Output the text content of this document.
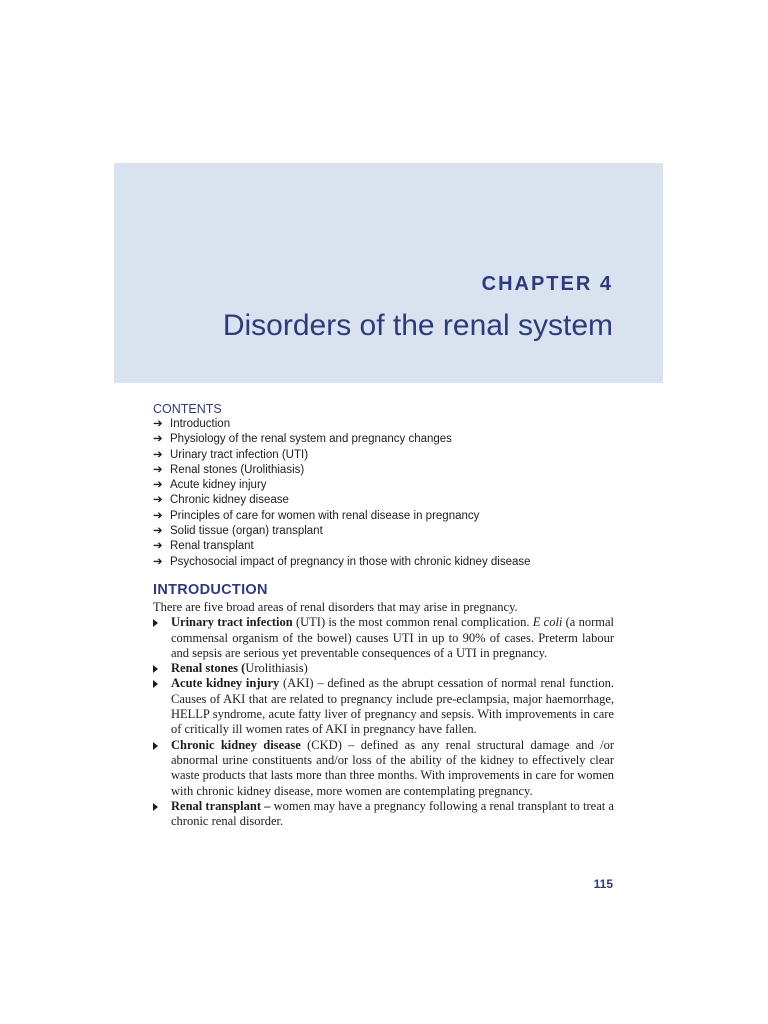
CHAPTER 4
Disorders of the renal system
CONTENTS
➔ Introduction
➔ Physiology of the renal system and pregnancy changes
➔ Urinary tract infection (UTI)
➔ Renal stones (Urolithiasis)
➔ Acute kidney injury
➔ Chronic kidney disease
➔ Principles of care for women with renal disease in pregnancy
➔ Solid tissue (organ) transplant
➔ Renal transplant
➔ Psychosocial impact of pregnancy in those with chronic kidney disease
INTRODUCTION

There are five broad areas of renal disorders that may arise in pregnancy.

Urinary tract infection (UTI) is the most common renal complication. E coli (a normal commensal organism of the bowel) causes UTI in up to 90% of cases. Preterm labour and sepsis are serious yet preventable consequences of a UTI in pregnancy.
Renal stones (Urolithiasis)
Acute kidney injury (AKI) – defined as the abrupt cessation of normal renal function. Causes of AKI that are related to pregnancy include pre-eclampsia, major haemorrhage, HELLP syndrome, acute fatty liver of pregnancy and sepsis. With improvements in care of critically ill women rates of AKI in pregnancy have fallen.
Chronic kidney disease (CKD) – defined as any renal structural damage and /or abnormal urine constituents and/or loss of the ability of the kidney to effectively clear waste products that lasts more than three months. With improvements in care for women with chronic kidney disease, more women are contemplating pregnancy.
Renal transplant – women may have a pregnancy following a renal transplant to treat a chronic renal disorder.
115
